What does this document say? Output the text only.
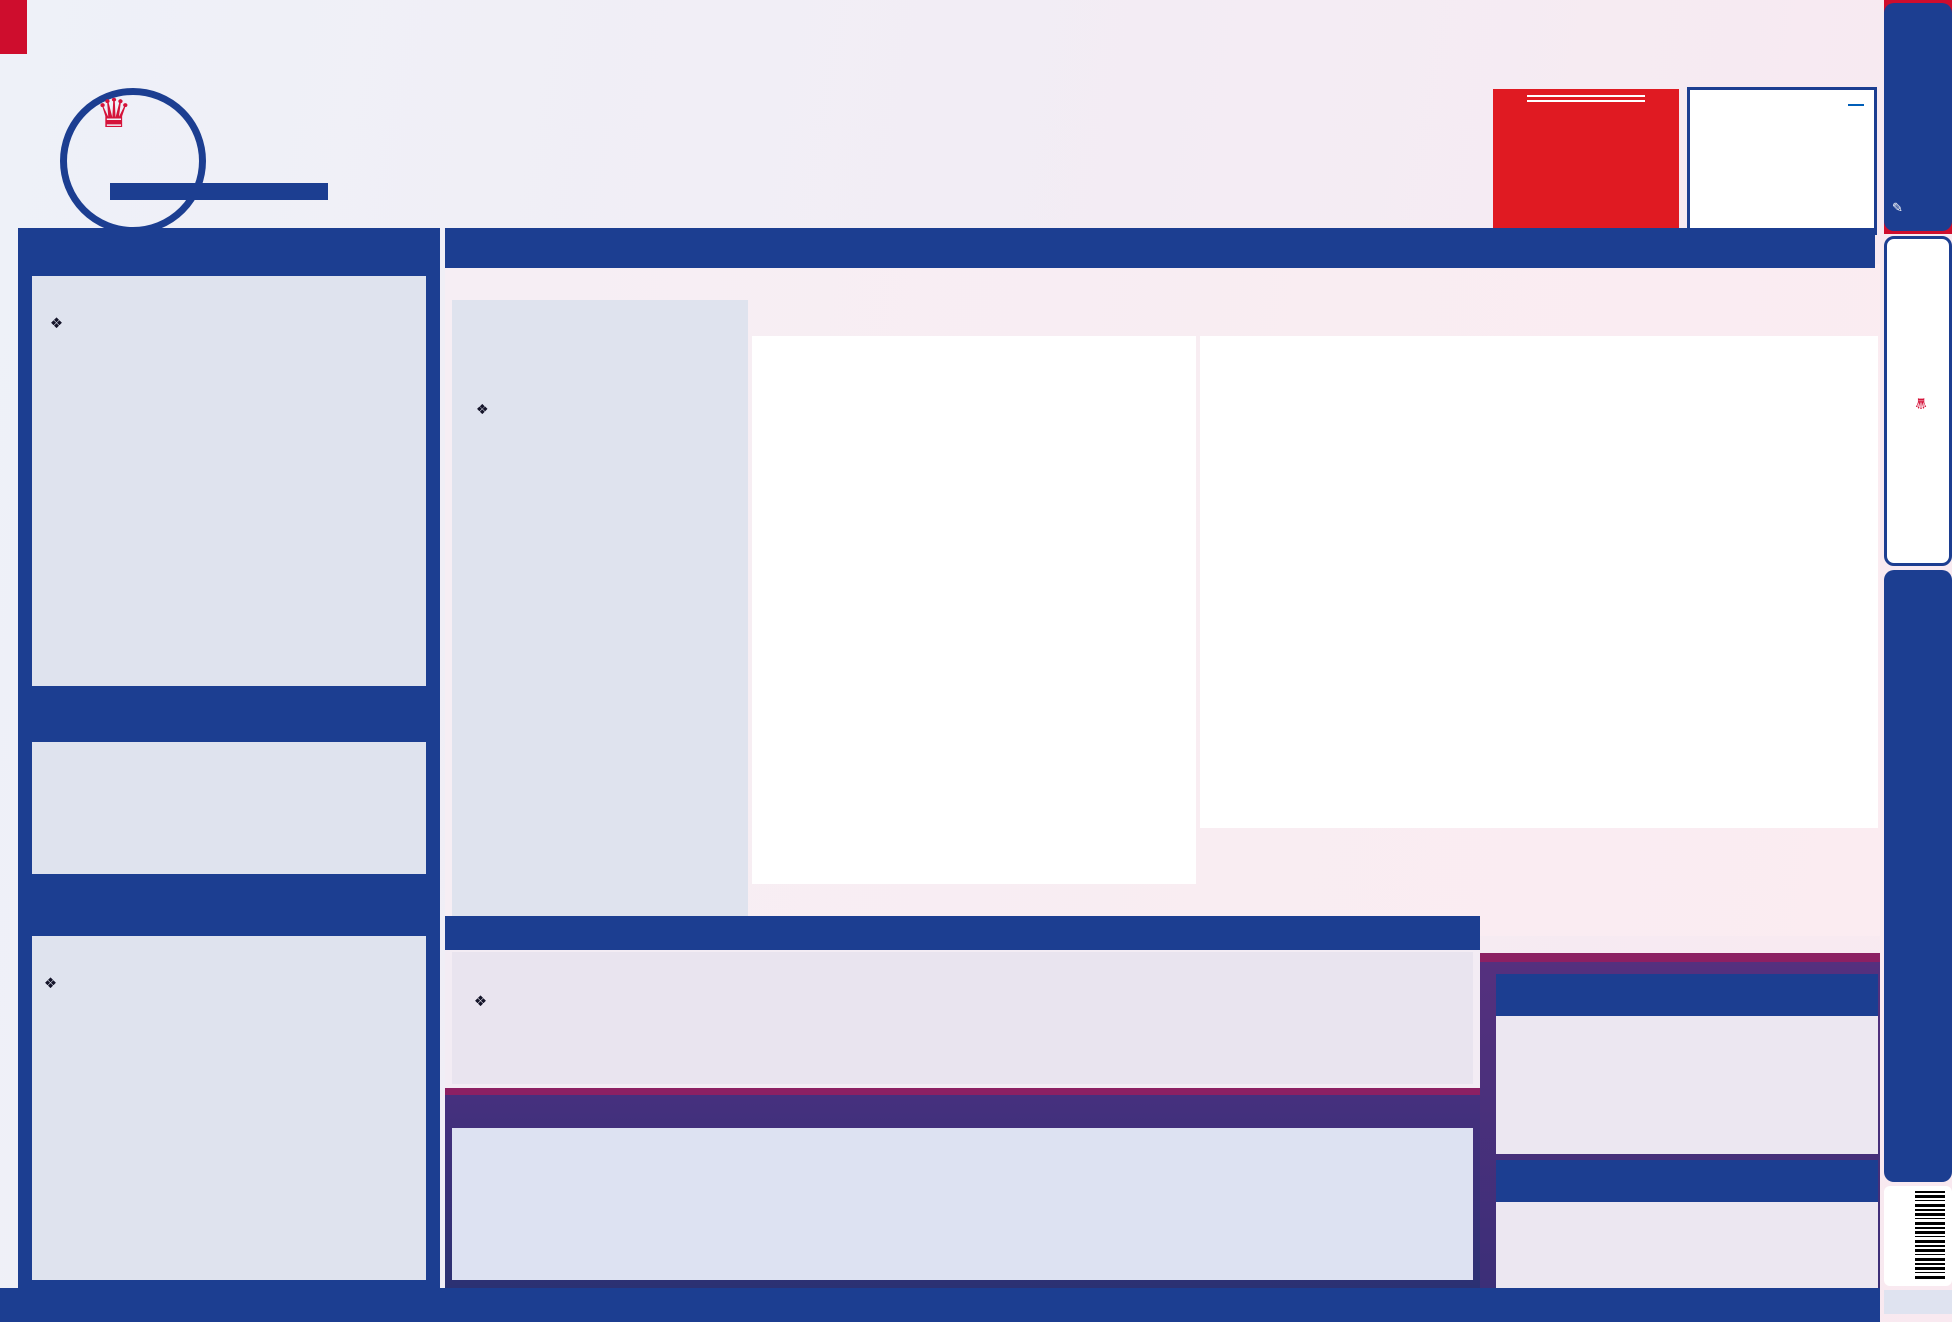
♛
✎
♛
